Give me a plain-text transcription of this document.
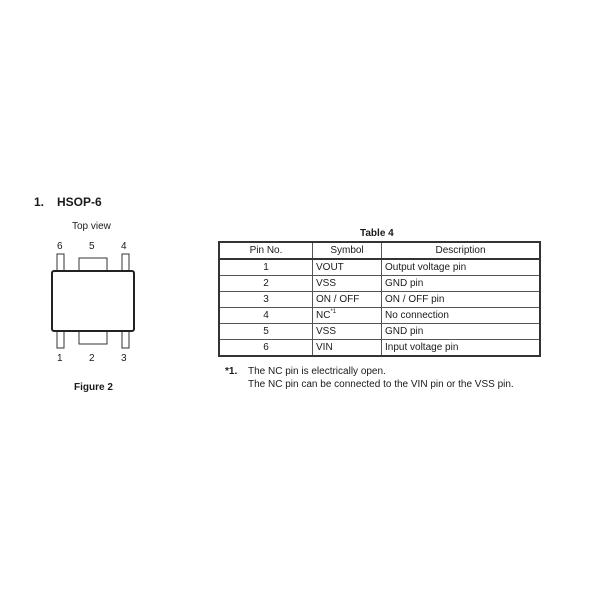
1. HSOP-6
Top view
6	5	4
1	2	3
Figure 2
Table 4
Pin No.	Symbol	Description
1	VOUT	Output voltage pin
2	VSS	GND pin
3	ON / OFF	ON / OFF pin
4	NC$^{*1}$	No connection
5	VSS	GND pin
6	VIN	Input voltage pin
*1. The NC pin is electrically open.
The NC pin can be connected to the VIN pin or the VSS pin.
